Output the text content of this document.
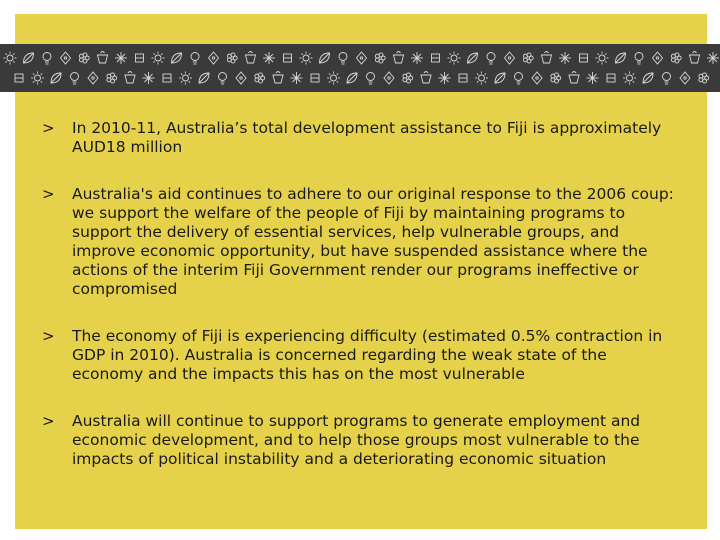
> In 2010-11, Australia’s total development assistance to Fiji is approximately AUD18 million
> Australia's aid continues to adhere to our original response to the 2006 coup: we support the welfare of the people of Fiji by maintaining programs to support the delivery of essential services, help vulnerable groups, and improve economic opportunity, but have suspended assistance where the actions of the interim Fiji Government render our programs ineffective or compromised
> The economy of Fiji is experiencing difficulty (estimated 0.5% contraction in GDP in 2010). Australia is concerned regarding the weak state of the economy and the impacts this has on the most vulnerable
> Australia will continue to support programs to generate employment and economic development, and to help those groups most vulnerable to the impacts of political instability and a deteriorating economic situation
